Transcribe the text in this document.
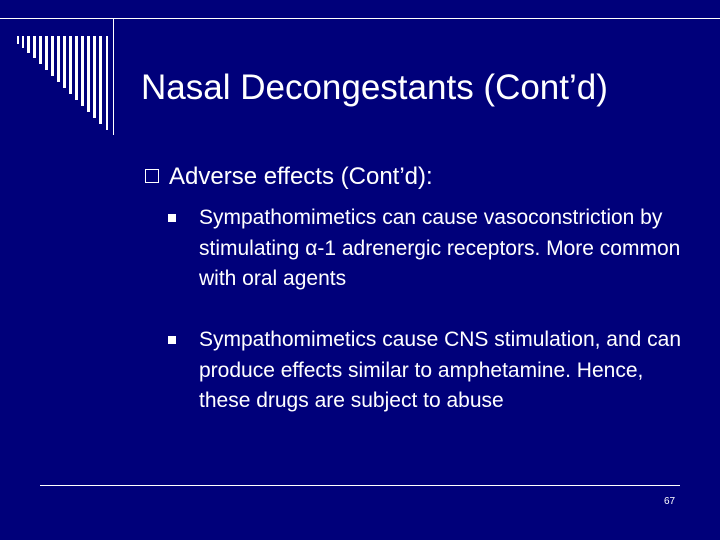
Nasal Decongestants (Cont’d)
Adverse effects (Cont’d):
Sympathomimetics can cause vasoconstriction by stimulating α-1 adrenergic receptors. More common with oral agents
Sympathomimetics cause CNS stimulation, and can produce effects similar to amphetamine. Hence, these drugs are subject to abuse
67
